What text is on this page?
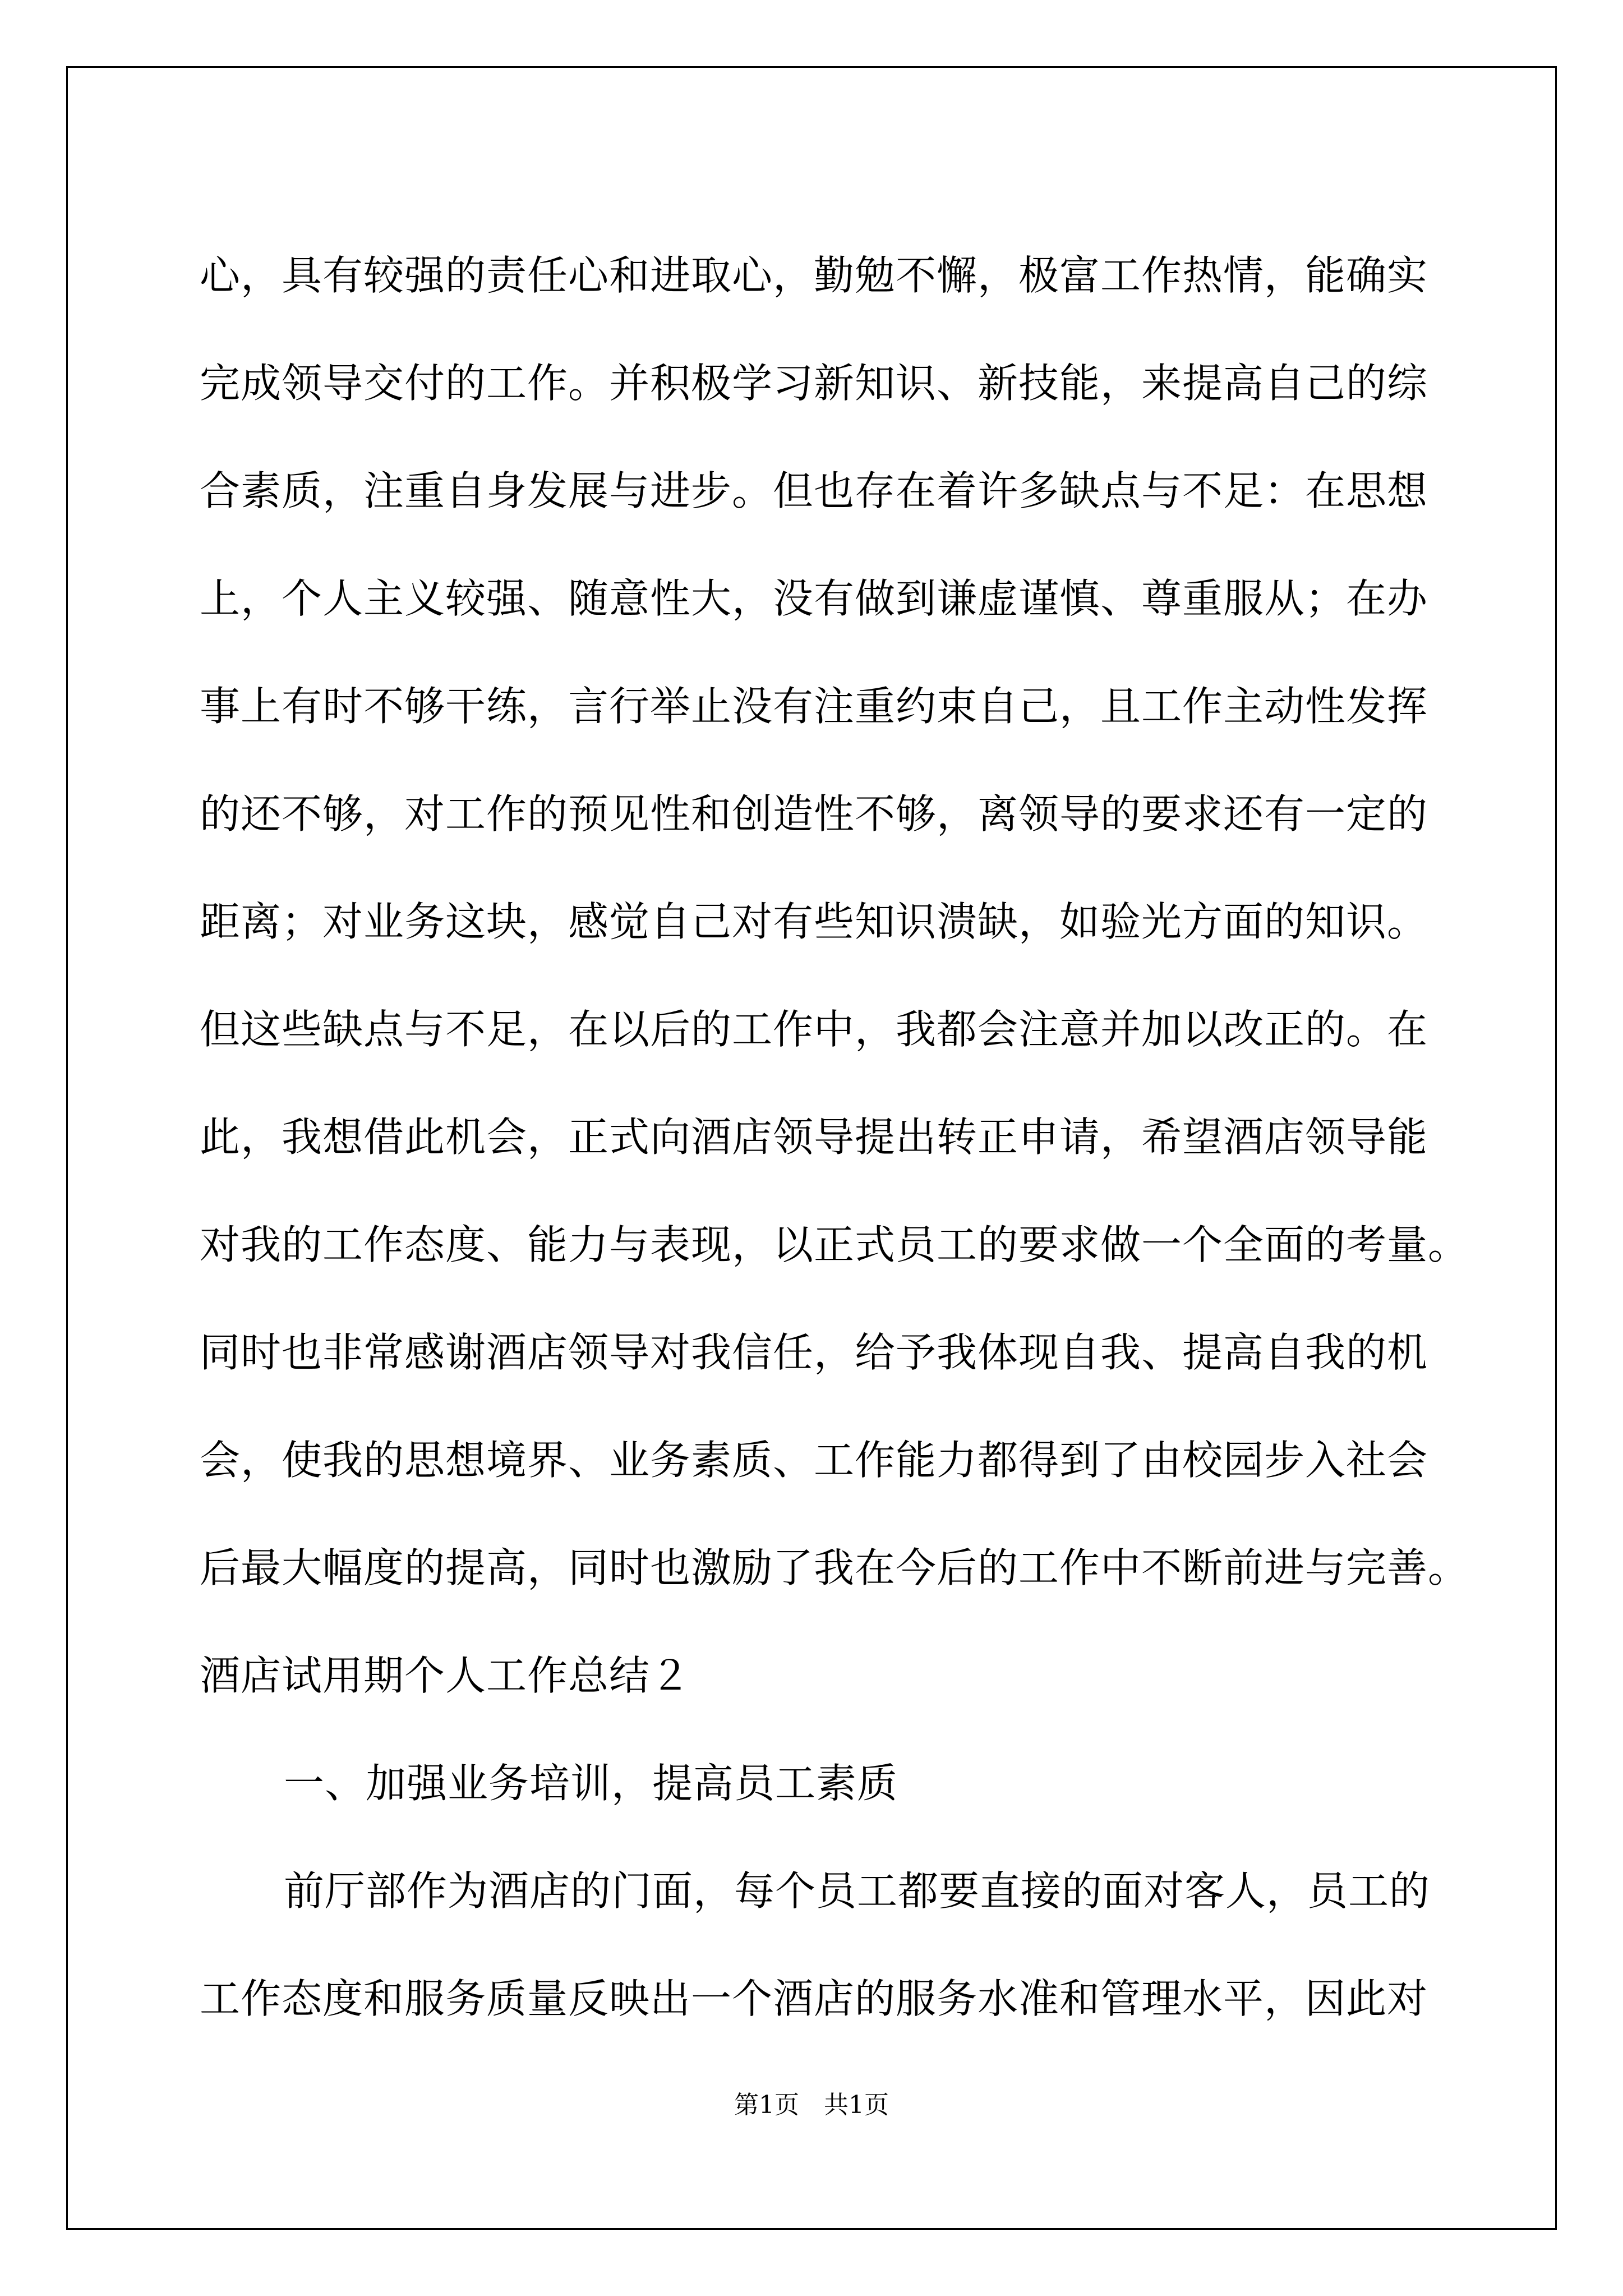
心，具有较强的责任心和进取心，勤勉不懈，极富工作热情，能确实
完成领导交付的工作。并积极学习新知识、新技能，来提高自己的综
合素质，注重自身发展与进步。但也存在着许多缺点与不足：在思想
上，个人主义较强、随意性大，没有做到谦虚谨慎、尊重服从；在办
事上有时不够干练，言行举止没有注重约束自己，且工作主动性发挥
的还不够，对工作的预见性和创造性不够，离领导的要求还有一定的
距离；对业务这块，感觉自己对有些知识溃缺，如验光方面的知识。
但这些缺点与不足，在以后的工作中，我都会注意并加以改正的。在
此，我想借此机会，正式向酒店领导提出转正申请，希望酒店领导能
对我的工作态度、能力与表现，以正式员工的要求做一个全面的考量。
同时也非常感谢酒店领导对我信任，给予我体现自我、提高自我的机
会，使我的思想境界、业务素质、工作能力都得到了由校园步入社会
后最大幅度的提高，同时也激励了我在今后的工作中不断前进与完善。
酒店试用期个人工作总结２
一、加强业务培训，提高员工素质
前厅部作为酒店的门面，每个员工都要直接的面对客人，员工的
工作态度和服务质量反映出一个酒店的服务水准和管理水平，因此对
第1页　共1页
